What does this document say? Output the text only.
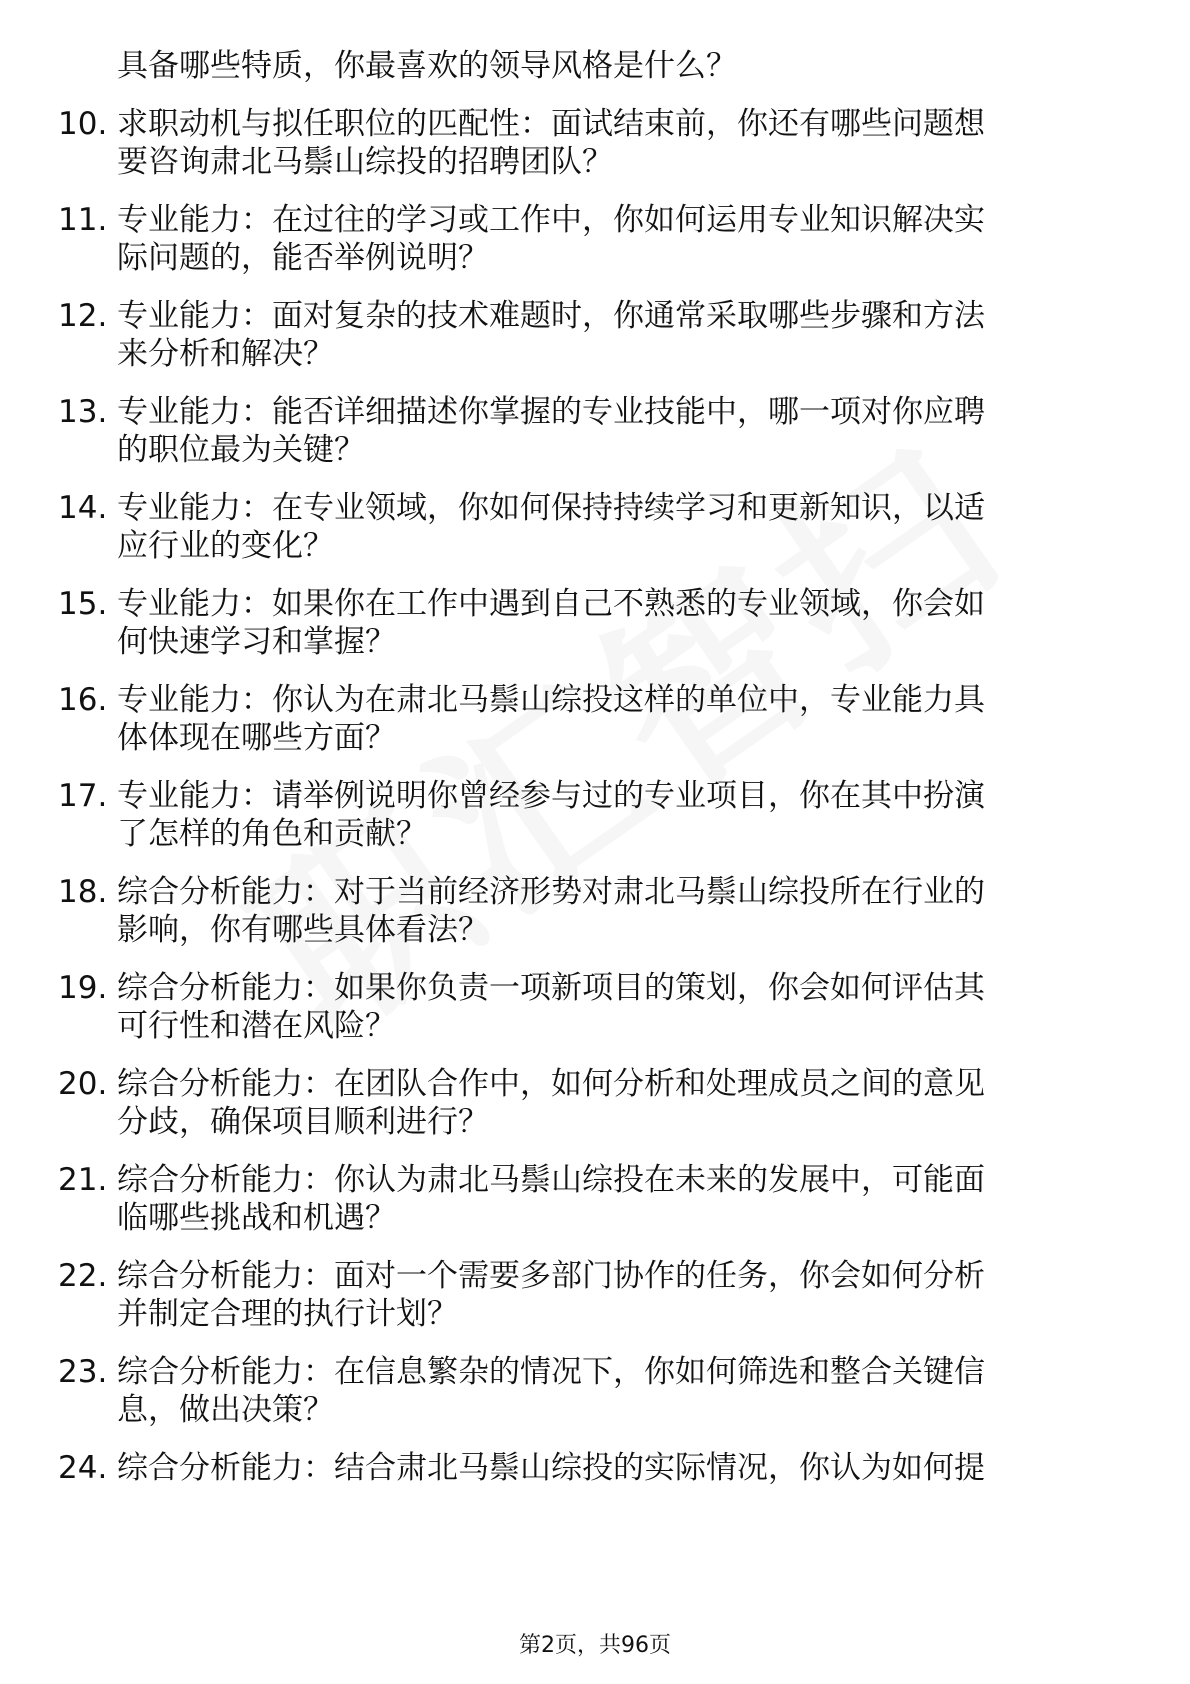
具备哪些特质，你最喜欢的领导风格是什么？
10. 求职动机与拟任职位的匹配性：面试结束前，你还有哪些问题想
要咨询肃北马鬃山综投的招聘团队？
11. 专业能力：在过往的学习或工作中，你如何运用专业知识解决实
际问题的，能否举例说明？
12. 专业能力：面对复杂的技术难题时，你通常采取哪些步骤和方法
来分析和解决？
13. 专业能力：能否详细描述你掌握的专业技能中，哪一项对你应聘
的职位最为关键？
14. 专业能力：在专业领域，你如何保持持续学习和更新知识，以适
应行业的变化？
15. 专业能力：如果你在工作中遇到自己不熟悉的专业领域，你会如
何快速学习和掌握？
16. 专业能力：你认为在肃北马鬃山综投这样的单位中，专业能力具
体体现在哪些方面？
17. 专业能力：请举例说明你曾经参与过的专业项目，你在其中扮演
了怎样的角色和贡献？
18. 综合分析能力：对于当前经济形势对肃北马鬃山综投所在行业的
影响，你有哪些具体看法？
19. 综合分析能力：如果你负责一项新项目的策划，你会如何评估其
可行性和潜在风险？
20. 综合分析能力：在团队合作中，如何分析和处理成员之间的意见
分歧，确保项目顺利进行？
21. 综合分析能力：你认为肃北马鬃山综投在未来的发展中，可能面
临哪些挑战和机遇？
22. 综合分析能力：面对一个需要多部门协作的任务，你会如何分析
并制定合理的执行计划？
23. 综合分析能力：在信息繁杂的情况下，你如何筛选和整合关键信
息，做出决策？
24. 综合分析能力：结合肃北马鬃山综投的实际情况，你认为如何提
第2页，共96页
